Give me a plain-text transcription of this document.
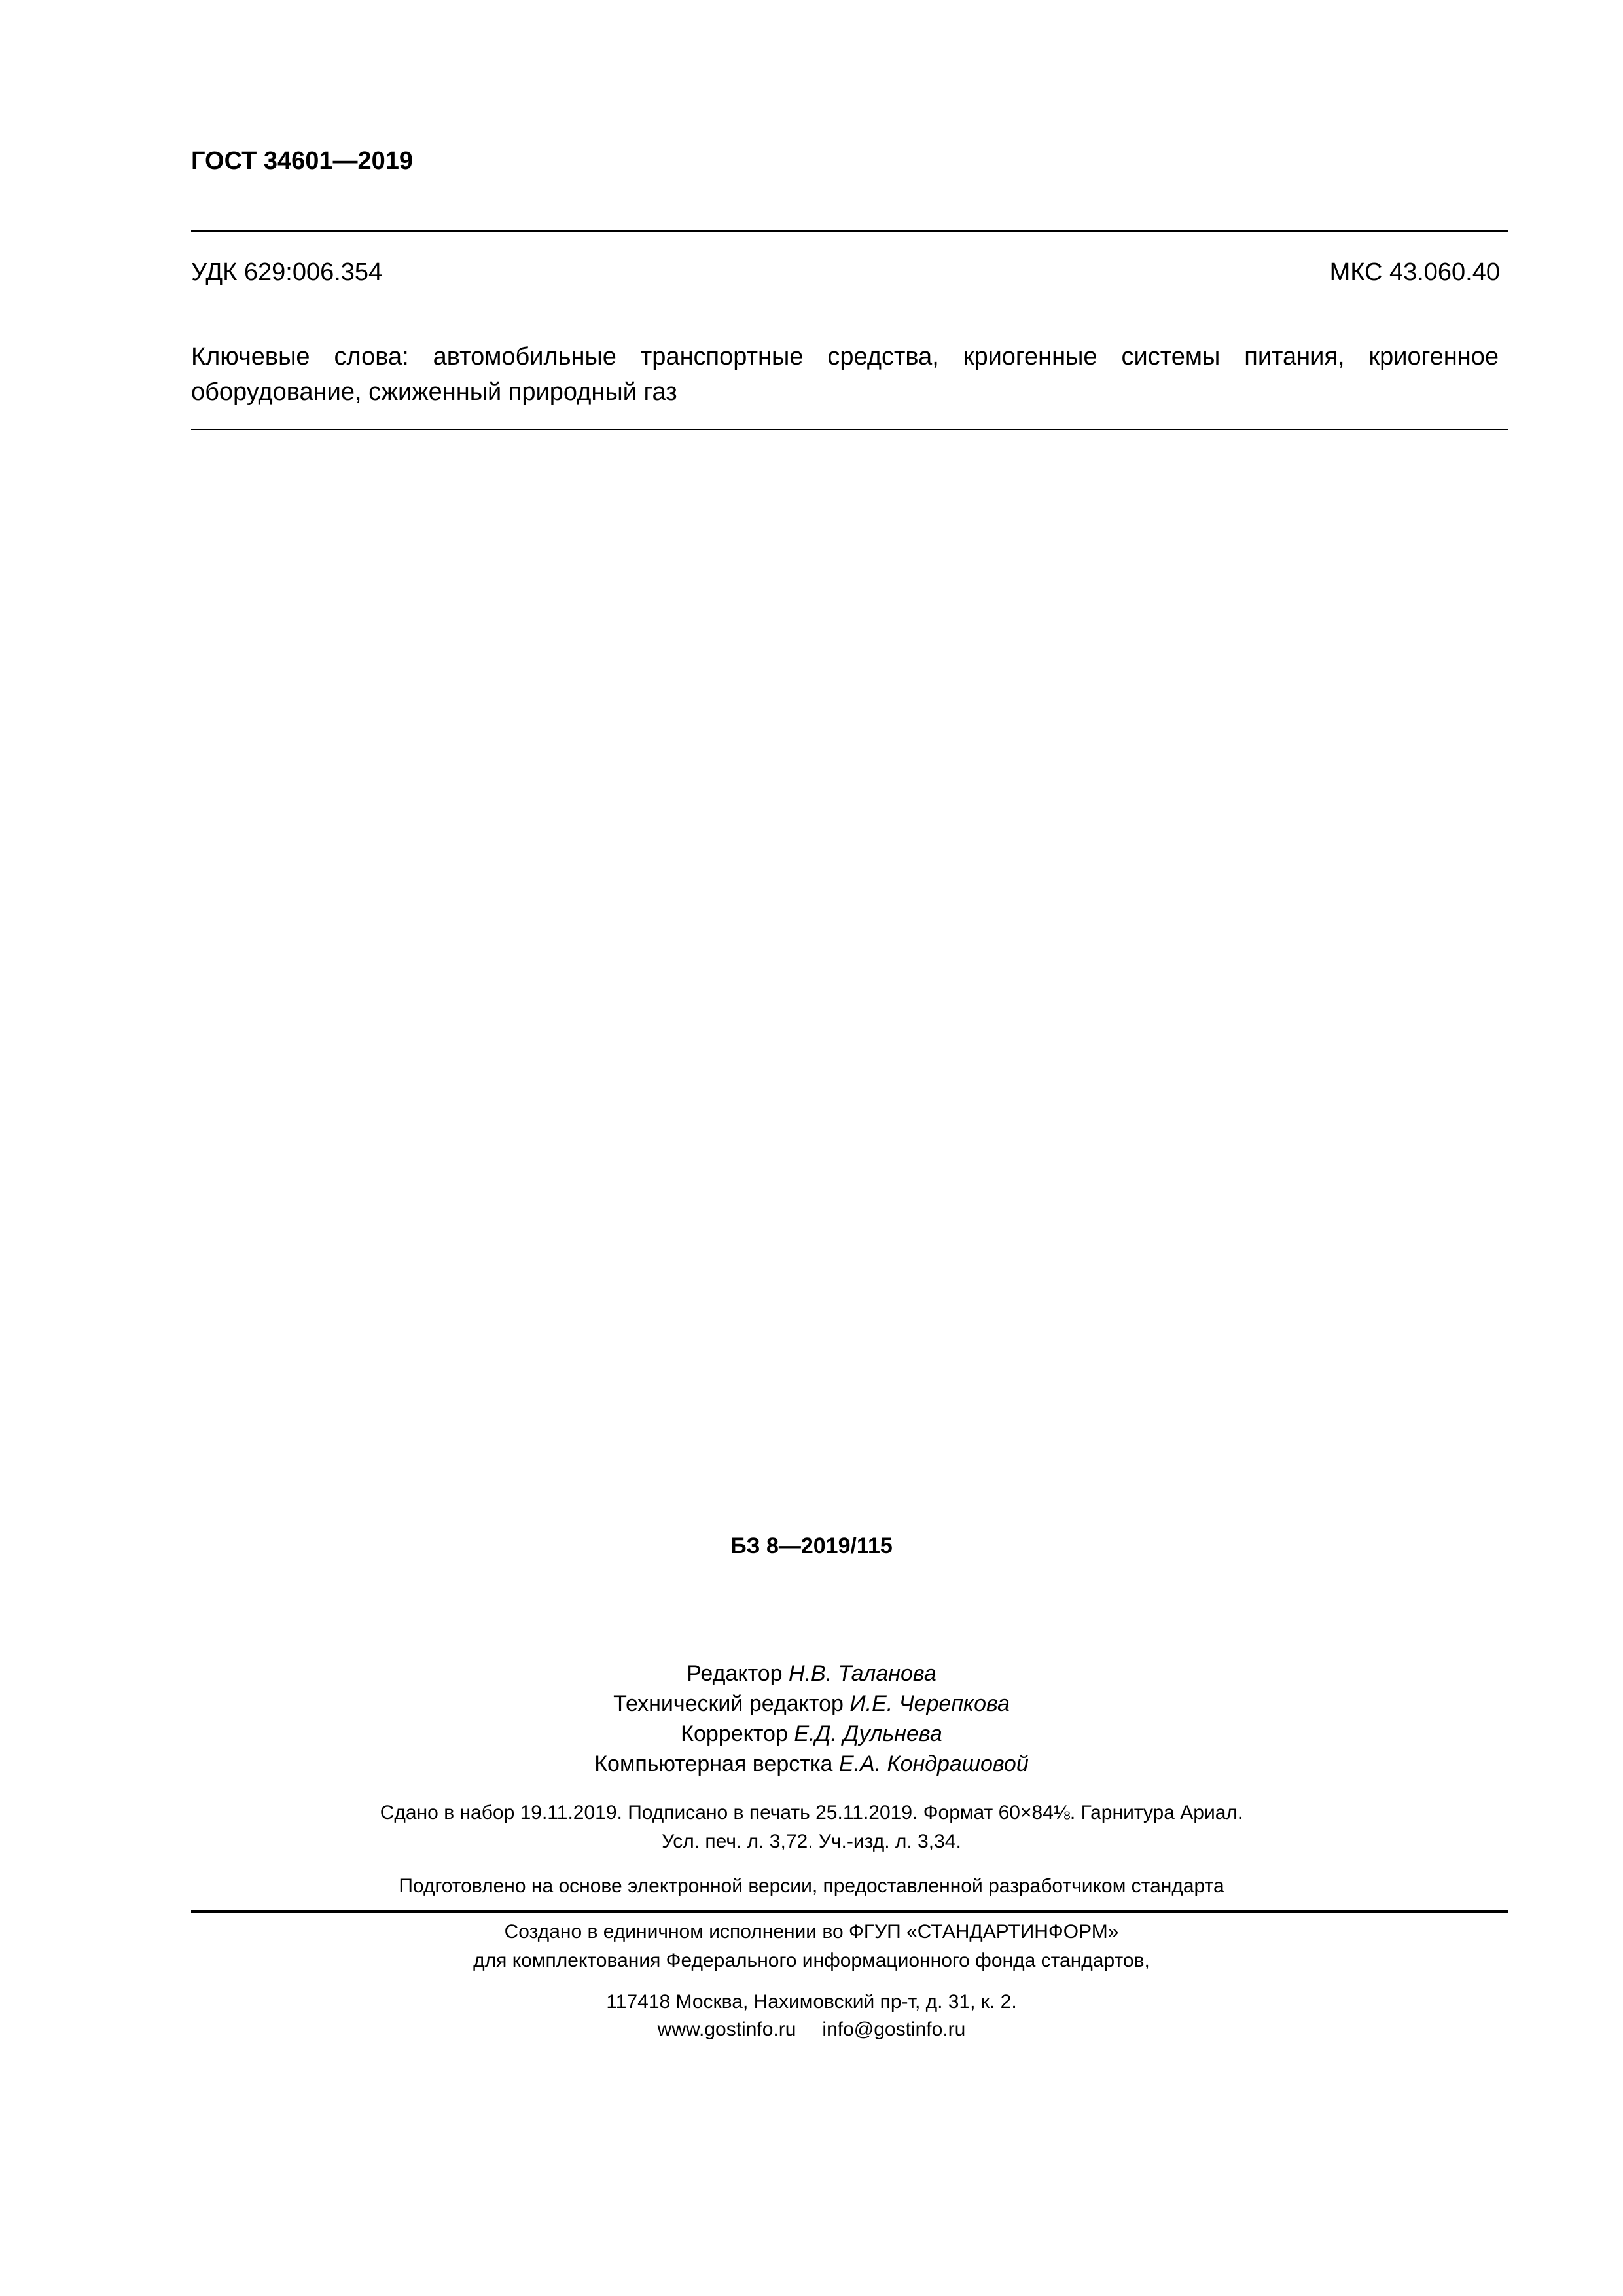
ГОСТ 34601—2019
УДК 629:006.354	МКС 43.060.40
Ключевые слова: автомобильные транспортные средства, криогенные системы питания, криогенное оборудование, сжиженный природный газ
БЗ 8—2019/115
Редактор Н.В. Таланова
Технический редактор И.Е. Черепкова
Корректор Е.Д. Дульнева
Компьютерная верстка Е.А. Кондрашовой
Сдано в набор 19.11.2019. Подписано в печать 25.11.2019. Формат 60×84⅛. Гарнитура Ариал.
Усл. печ. л. 3,72. Уч.-изд. л. 3,34.
Подготовлено на основе электронной версии, предоставленной разработчиком стандарта
Создано в единичном исполнении во ФГУП «СТАНДАРТИНФОРМ»
для комплектования Федерального информационного фонда стандартов,
117418 Москва, Нахимовский пр-т, д. 31, к. 2.
www.gostinfo.ru info@gostinfo.ru
